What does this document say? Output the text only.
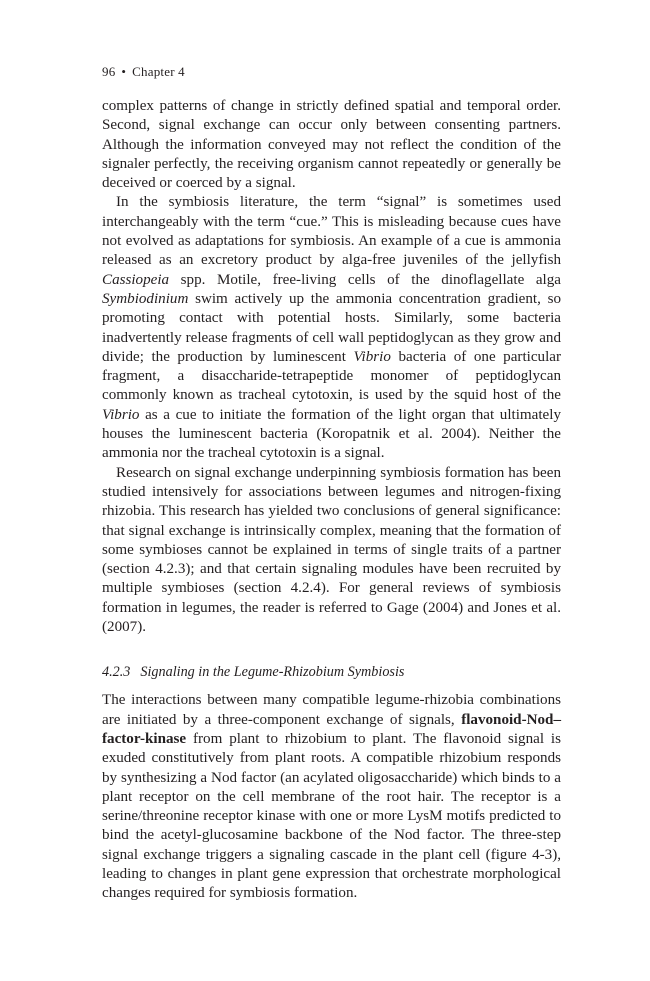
96 • Chapter 4

complex patterns of change in strictly defined spatial and temporal order. Second, signal exchange can occur only between consenting partners. Although the information conveyed may not reflect the condition of the signaler perfectly, the receiving organism cannot repeatedly or generally be deceived or coerced by a signal.

In the symbiosis literature, the term “signal” is sometimes used interchangeably with the term “cue.” This is misleading because cues have not evolved as adaptations for symbiosis. An example of a cue is ammonia released as an excretory product by alga-free juveniles of the jellyfish Cassiopeia spp. Motile, free-living cells of the dinoflagellate alga Symbiodinium swim actively up the ammonia concentration gradient, so promoting contact with potential hosts. Similarly, some bacteria inadvertently release fragments of cell wall peptidoglycan as they grow and divide; the production by luminescent Vibrio bacteria of one particular fragment, a disaccharide-tetrapeptide monomer of peptidoglycan commonly known as tracheal cytotoxin, is used by the squid host of the Vibrio as a cue to initiate the formation of the light organ that ultimately houses the luminescent bacteria (Koropatnik et al. 2004). Neither the ammonia nor the tracheal cytotoxin is a signal.

Research on signal exchange underpinning symbiosis formation has been studied intensively for associations between legumes and nitrogen-fixing rhizobia. This research has yielded two conclusions of general significance: that signal exchange is intrinsically complex, meaning that the formation of some symbioses cannot be explained in terms of single traits of a partner (section 4.2.3); and that certain signaling modules have been recruited by multiple symbioses (section 4.2.4). For general reviews of symbiosis formation in legumes, the reader is referred to Gage (2004) and Jones et al. (2007).

4.2.3 Signaling in the Legume-Rhizobium Symbiosis

The interactions between many compatible legume-rhizobia combinations are initiated by a three-component exchange of signals, flavonoid-Nod–factor-kinase from plant to rhizobium to plant. The flavonoid signal is exuded constitutively from plant roots. A compatible rhizobium responds by synthesizing a Nod factor (an acylated oligosaccharide) which binds to a plant receptor on the cell membrane of the root hair. The receptor is a serine/threonine receptor kinase with one or more LysM motifs predicted to bind the acetyl-glucosamine backbone of the Nod factor. The three-step signal exchange triggers a signaling cascade in the plant cell (figure 4-3), leading to changes in plant gene expression that orchestrate morphological changes required for symbiosis formation.
